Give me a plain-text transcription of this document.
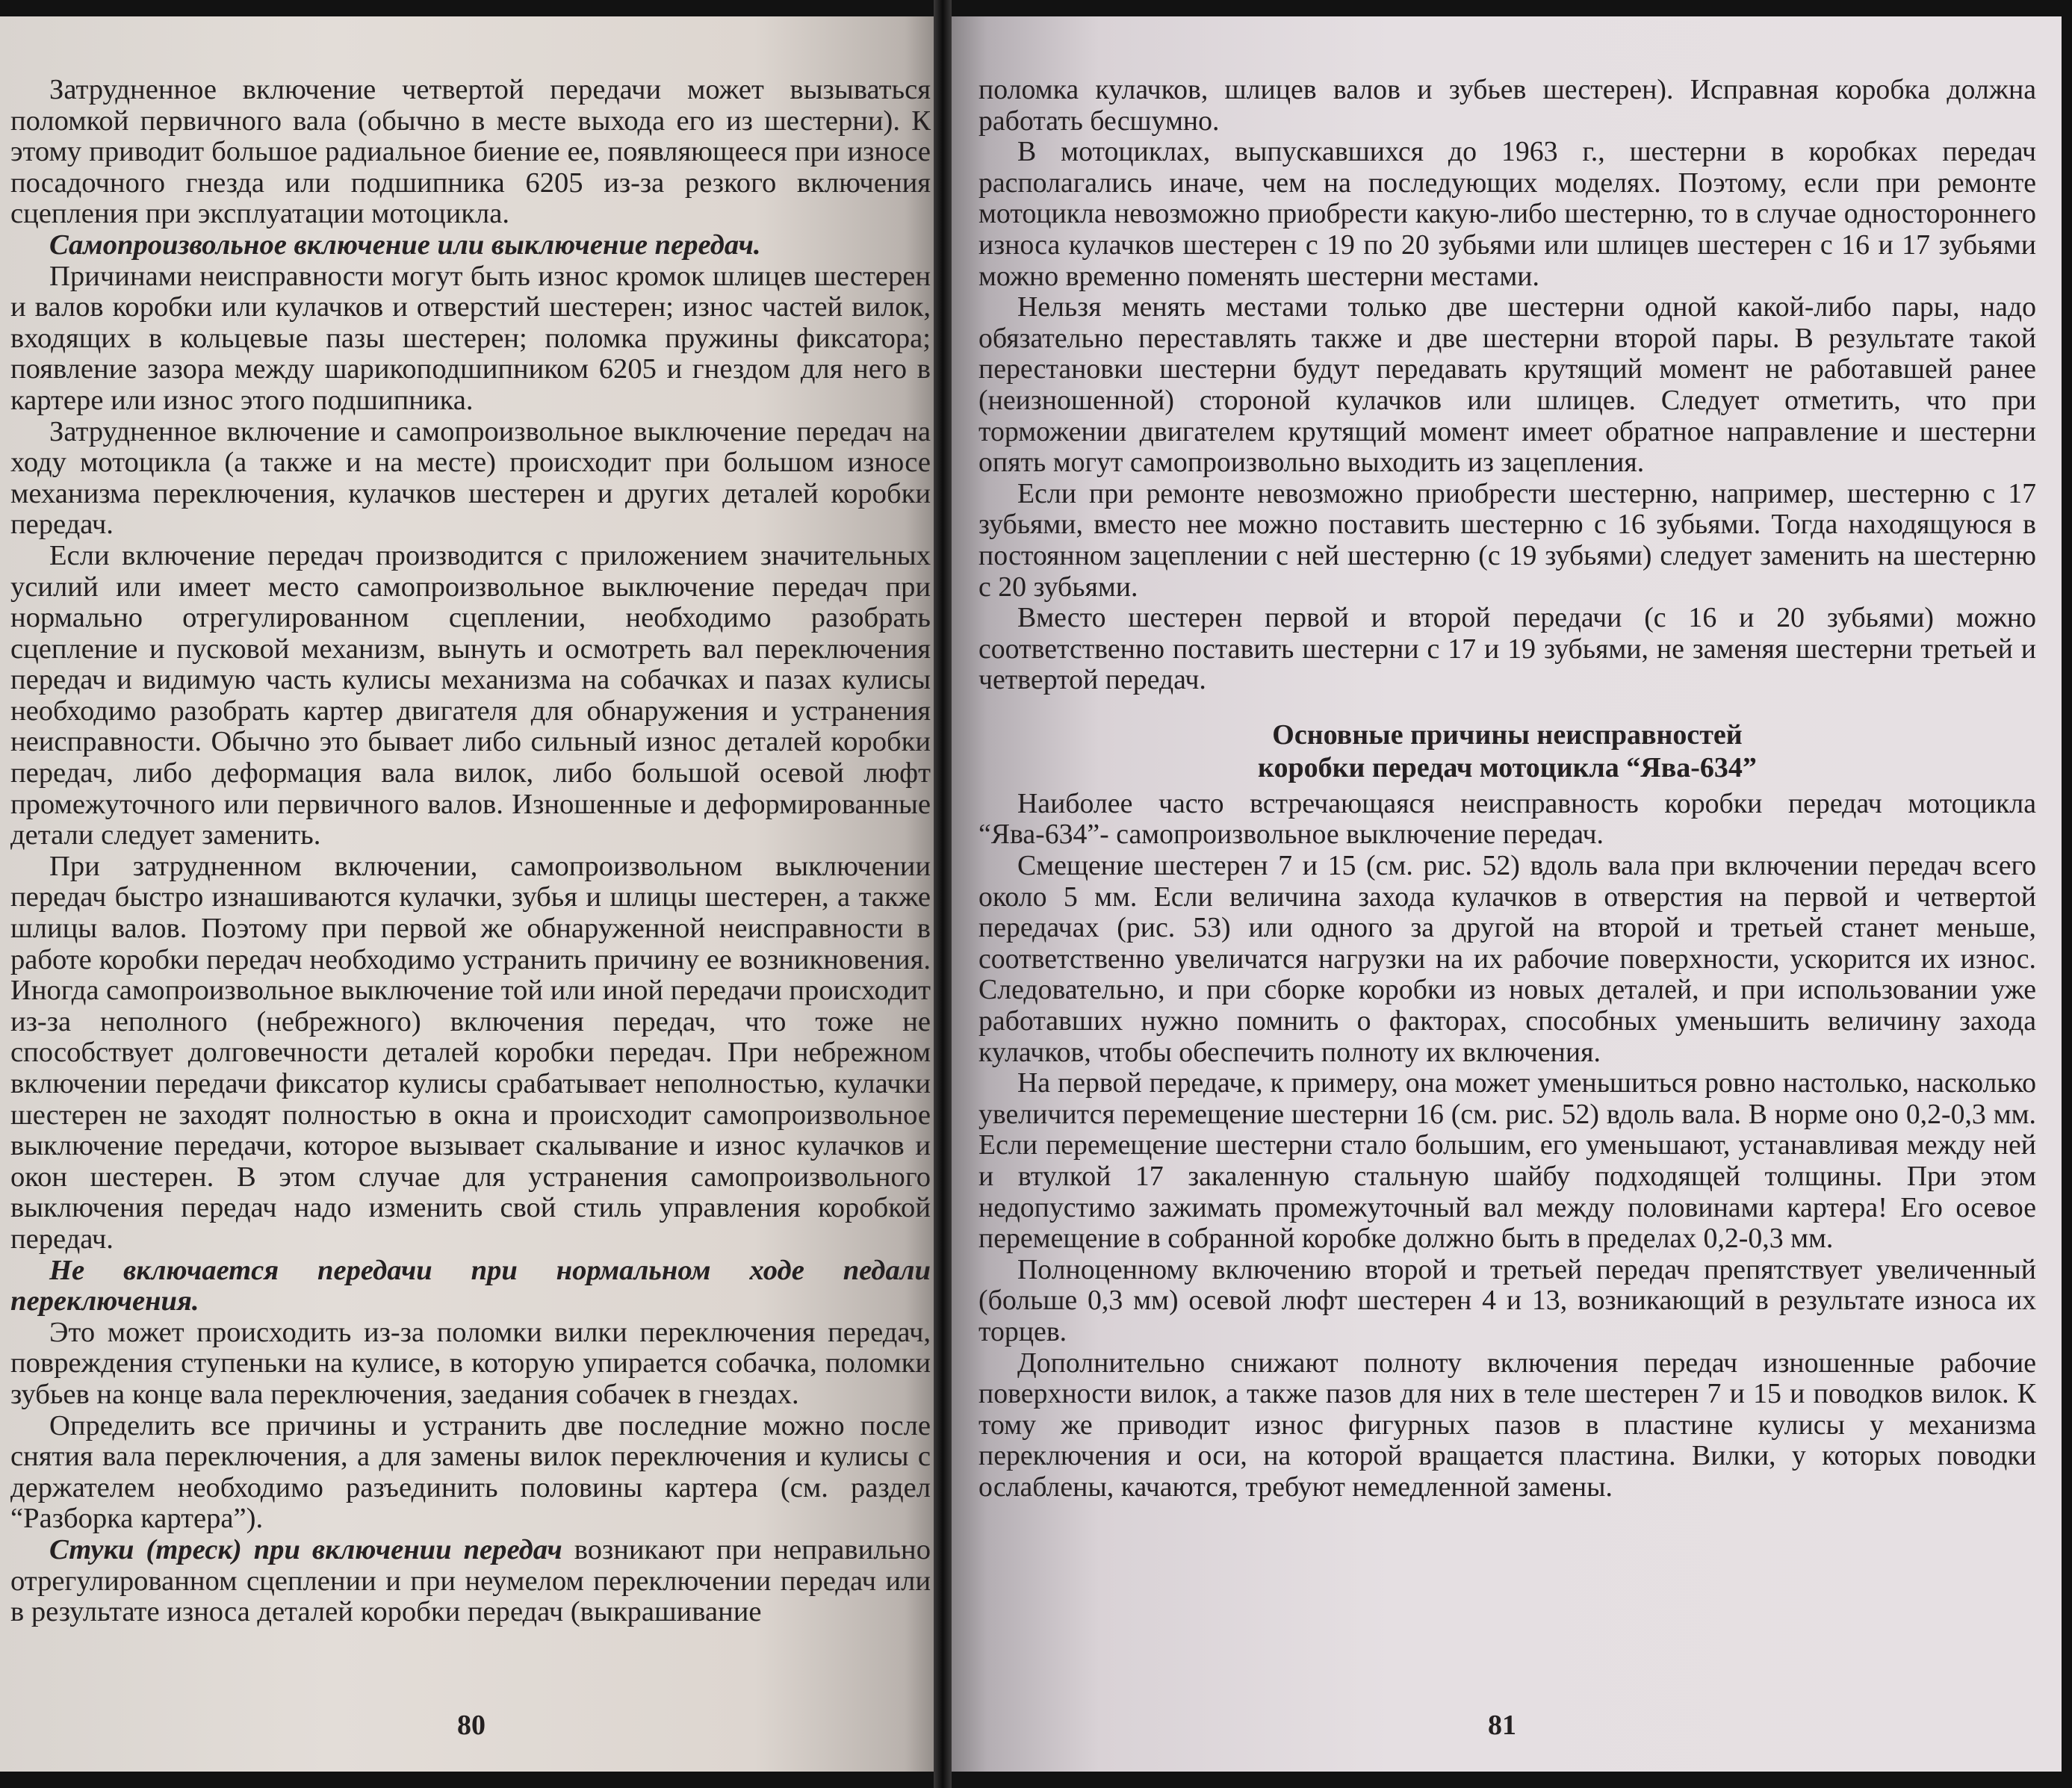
Затрудненное включение четвертой передачи может вызываться поломкой первичного вала (обычно в месте выхода его из шестерни). К этому приводит большое радиальное биение ее, появляющееся при износе посадочного гнезда или подшипника 6205 из-за резкого включения сцепления при эксплуатации мотоцикла.

Самопроизвольное включение или выключение передач.

Причинами неисправности могут быть износ кромок шлицев шестерен и валов коробки или кулачков и отверстий шестерен; износ частей вилок, входящих в кольцевые пазы шестерен; поломка пружины фиксатора; появление зазора между шарикоподшипником 6205 и гнездом для него в картере или износ этого подшипника.

Затрудненное включение и самопроизвольное выключение передач на ходу мотоцикла (а также и на месте) происходит при большом износе механизма переключения, кулачков шестерен и других деталей коробки передач.

Если включение передач производится с приложением значительных усилий или имеет место самопроизвольное выключение передач при нормально отрегулированном сцеплении, необходимо разобрать сцепление и пусковой механизм, вынуть и осмотреть вал переключения передач и видимую часть кулисы механизма на собачках и пазах кулисы необходимо разобрать картер двигателя для обнаружения и устранения неисправности. Обычно это бывает либо сильный износ деталей коробки передач, либо деформация вала вилок, либо большой осевой люфт промежуточного или первичного валов. Изношенные и деформированные детали следует заменить.

При затрудненном включении, самопроизвольном выключении передач быстро изнашиваются кулачки, зубья и шлицы шестерен, а также шлицы валов. Поэтому при первой же обнаруженной неисправности в работе коробки передач необходимо устранить причину ее возникновения. Иногда самопроизвольное выключение той или иной передачи происходит из-за неполного (небрежного) включения передач, что тоже не способствует долговечности деталей коробки передач. При небрежном включении передачи фиксатор кулисы срабатывает неполностью, кулачки шестерен не заходят полностью в окна и происходит самопроизвольное выключение передачи, которое вызывает скалывание и износ кулачков и окон шестерен. В этом случае для устранения самопроизвольного выключения передач надо изменить свой стиль управления коробкой передач.

Не включается передачи при нормальном ходе педали переключения.

Это может происходить из-за поломки вилки переключения передач, повреждения ступеньки на кулисе, в которую упирается собачка, поломки зубьев на конце вала переключения, заедания собачек в гнездах.

Определить все причины и устранить две последние можно после снятия вала переключения, а для замены вилок переключения и кулисы с держателем необходимо разъединить половины картера (см. раздел “Разборка картера”).

Стуки (треск) при включении передач возникают при неправильно отрегулированном сцеплении и при неумелом переключении передач или в результате износа деталей коробки передач (выкрашивание

80

поломка кулачков, шлицев валов и зубьев шестерен). Исправная коробка должна работать бесшумно.

В мотоциклах, выпускавшихся до 1963 г., шестерни в коробках передач располагались иначе, чем на последующих моделях. Поэтому, если при ремонте мотоцикла невозможно приобрести какую-либо шестерню, то в случае одностороннего износа кулачков шестерен с 19 по 20 зубьями или шлицев шестерен с 16 и 17 зубьями можно временно поменять шестерни местами.

Нельзя менять местами только две шестерни одной какой-либо пары, надо обязательно переставлять также и две шестерни второй пары. В результате такой перестановки шестерни будут передавать крутящий момент не работавшей ранее (неизношенной) стороной кулачков или шлицев. Следует отметить, что при торможении двигателем крутящий момент имеет обратное направление и шестерни опять могут самопроизвольно выходить из зацепления.

Если при ремонте невозможно приобрести шестерню, например, шестерню с 17 зубьями, вместо нее можно поставить шестерню с 16 зубьями. Тогда находящуюся в постоянном зацеплении с ней шестерню (с 19 зубьями) следует заменить на шестерню с 20 зубьями.

Вместо шестерен первой и второй передачи (с 16 и 20 зубьями) можно соответственно поставить шестерни с 17 и 19 зубьями, не заменяя шестерни третьей и четвертой передач.

Основные причины неисправностей
коробки передач мотоцикла “Ява-634”

Наиболее часто встречающаяся неисправность коробки передач мотоцикла “Ява-634”- самопроизвольное выключение передач.

Смещение шестерен 7 и 15 (см. рис. 52) вдоль вала при включении передач всего около 5 мм. Если величина захода кулачков в отверстия на первой и четвертой передачах (рис. 53) или одного за другой на второй и третьей станет меньше, соответственно увеличатся нагрузки на их рабочие поверхности, ускорится их износ. Следовательно, и при сборке коробки из новых деталей, и при использовании уже работавших нужно помнить о факторах, способных уменьшить величину захода кулачков, чтобы обеспечить полноту их включения.

На первой передаче, к примеру, она может уменьшиться ровно настолько, насколько увеличится перемещение шестерни 16 (см. рис. 52) вдоль вала. В норме оно 0,2-0,3 мм. Если перемещение шестерни стало большим, его уменьшают, устанавливая между ней и втулкой 17 закаленную стальную шайбу подходящей толщины. При этом недопустимо зажимать промежуточный вал между половинами картера! Его осевое перемещение в собранной коробке должно быть в пределах 0,2-0,3 мм.

Полноценному включению второй и третьей передач препятствует увеличенный (больше 0,3 мм) осевой люфт шестерен 4 и 13, возникающий в результате износа их торцев.

Дополнительно снижают полноту включения передач изношенные рабочие поверхности вилок, а также пазов для них в теле шестерен 7 и 15 и поводков вилок. К тому же приводит износ фигурных пазов в пластине кулисы у механизма переключения и оси, на которой вращается пластина. Вилки, у которых поводки ослаблены, качаются, требуют немедленной замены.

81
